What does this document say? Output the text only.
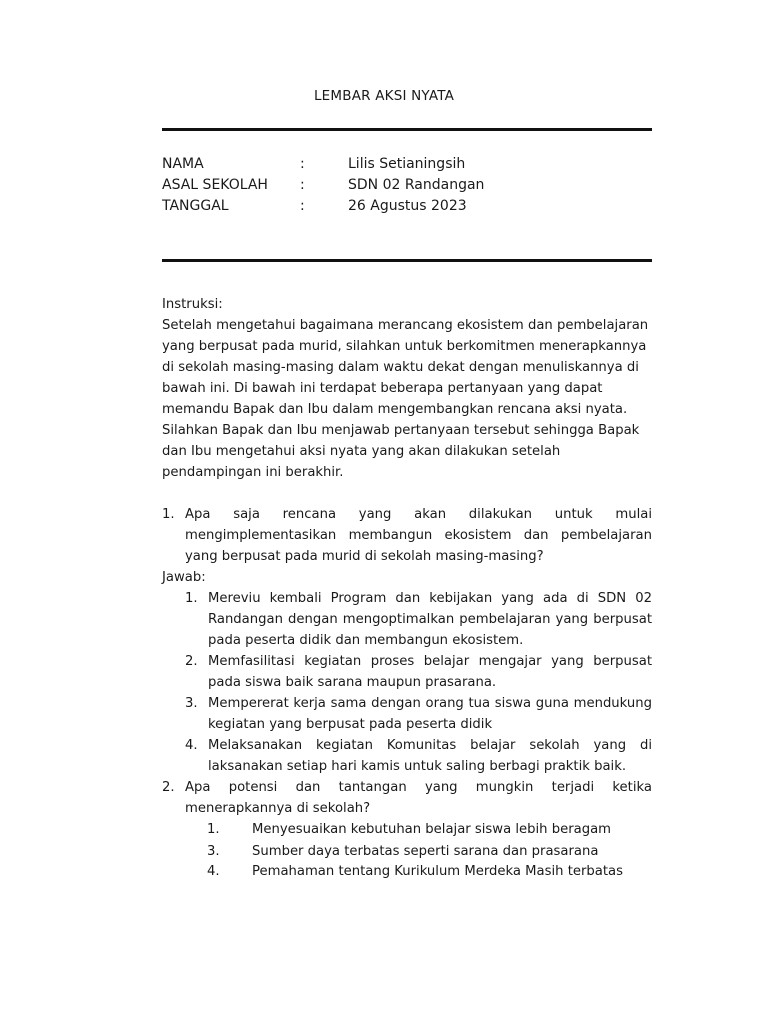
LEMBAR AKSI NYATA
NAMA	:	Lilis Setianingsih
ASAL SEKOLAH	:	SDN 02 Randangan
TANGGAL	:	26 Agustus 2023

Instruksi:

Setelah mengetahui bagaimana merancang ekosistem dan pembelajaran yang berpusat pada murid, silahkan untuk berkomitmen menerapkannya di sekolah masing-masing dalam waktu dekat dengan menuliskannya di bawah ini. Di bawah ini terdapat beberapa pertanyaan yang dapat memandu Bapak dan Ibu dalam mengembangkan rencana aksi nyata. Silahkan Bapak dan Ibu menjawab pertanyaan tersebut sehingga Bapak dan Ibu mengetahui aksi nyata yang akan dilakukan setelah pendampingan ini berakhir.

1. Apa saja rencana yang akan dilakukan untuk mulai mengimplementasikan membangun ekosistem dan pembelajaran yang berpusat pada murid di sekolah masing-masing?
Jawab:
1. Mereviu kembali Program dan kebijakan yang ada di SDN 02 Randangan dengan mengoptimalkan pembelajaran yang berpusat pada peserta didik dan membangun ekosistem.
2. Memfasilitasi kegiatan proses belajar mengajar yang berpusat pada siswa baik sarana maupun prasarana.
3. Mempererat kerja sama dengan orang tua siswa guna mendukung kegiatan yang berpusat pada peserta didik
4. Melaksanakan kegiatan Komunitas belajar sekolah yang di laksanakan setiap hari kamis untuk saling berbagi praktik baik.
2. Apa potensi dan tantangan yang mungkin terjadi ketika menerapkannya di sekolah?
1. Menyesuaikan kebutuhan belajar siswa lebih beragam
3. Sumber daya terbatas seperti sarana dan prasarana
4. Pemahaman tentang Kurikulum Merdeka Masih terbatas
